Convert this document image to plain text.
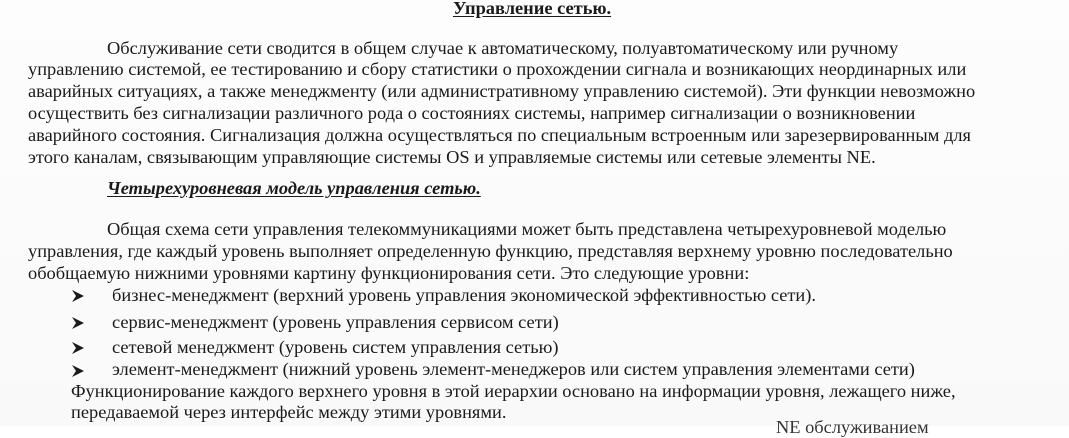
Управление сетью.
Обслуживание сети сводится в общем случае к автоматическому, полуавтоматическому или ручному
управлению системой, ее тестированию и сбору статистики о прохождении сигнала и возникающих неординарных или
аварийных ситуациях, а также менеджменту (или административному управлению системой). Эти функции невозможно
осуществить без сигнализации различного рода о состояниях системы, например сигнализации о возникновении
аварийного состояния. Сигнализация должна осуществляться по специальным встроенным или зарезервированным для
этого каналам, связывающим управляющие системы OS и управляемые системы или сетевые элементы NE.
Четырехуровневая модель управления сетью.
Общая схема сети управления телекоммуникациями может быть представлена четырехуровневой моделью
управления, где каждый уровень выполняет определенную функцию, представляя верхнему уровню последовательно
обобщаемую нижними уровнями картину функционирования сети. Это следующие уровни:
бизнес-менеджмент (верхний уровень управления экономической эффективностью сети).
сервис-менеджмент (уровень управления сервисом сети)
сетевой менеджмент (уровень систем управления сетью)
элемент-менеджмент (нижний уровень элемент-менеджеров или систем управления элементами сети)
Функционирование каждого верхнего уровня в этой иерархии основано на информации уровня, лежащего ниже,
передаваемой через интерфейс между этими уровнями.
NE обслуживанием
